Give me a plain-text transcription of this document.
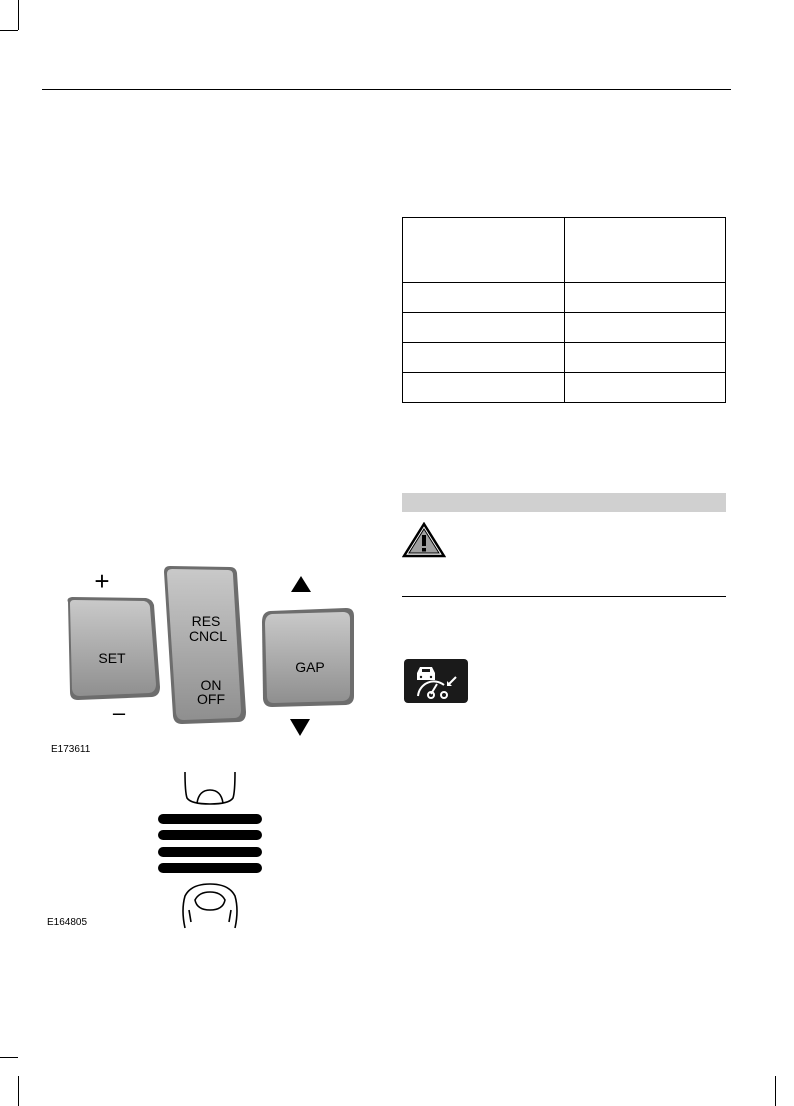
+
SET
–
RES
CNCL
ON
OFF
GAP
E173611
E164805
